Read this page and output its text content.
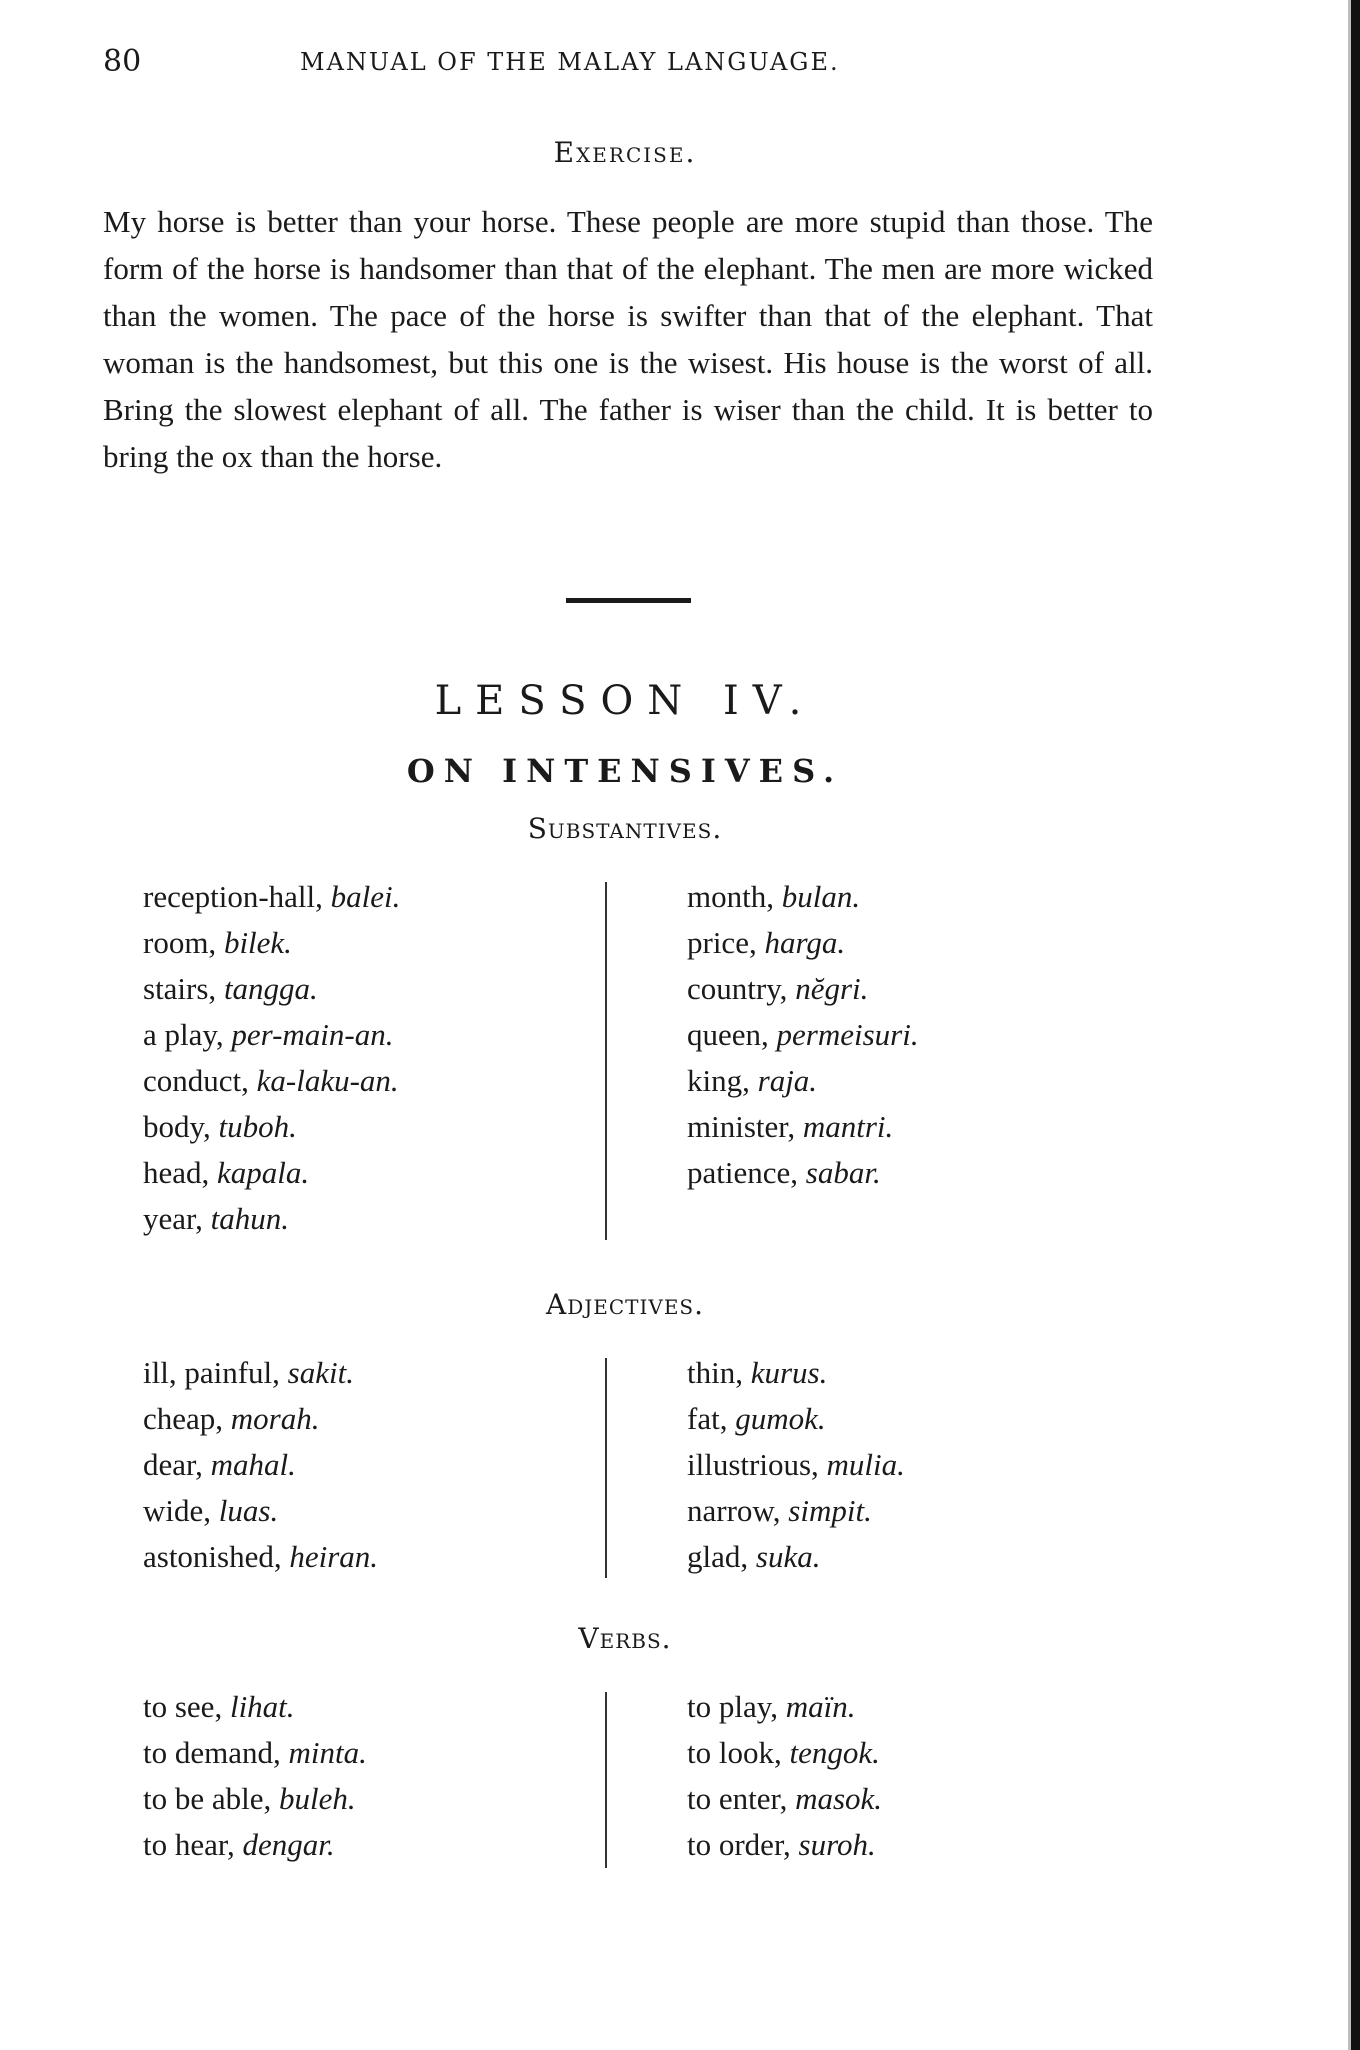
80	MANUAL OF THE MALAY LANGUAGE.
Exercise.
My horse is better than your horse. These people are more stupid than those. The form of the horse is handsomer than that of the elephant. The men are more wicked than the women. The pace of the horse is swifter than that of the elephant. That woman is the handsomest, but this one is the wisest. His house is the worst of all. Bring the slowest elephant of all. The father is wiser than the child. It is better to bring the ox than the horse.
LESSON IV.
ON INTENSIVES.
Substantives.
reception-hall, balei.
room, bilek.
stairs, tangga.
a play, per-main-an.
conduct, ka-laku-an.
body, tuboh.
head, kapala.
year, tahun.
month, bulan.
price, harga.
country, nĕgri.
queen, permeisuri.
king, raja.
minister, mantri.
patience, sabar.
Adjectives.
ill, painful, sakit.
cheap, morah.
dear, mahal.
wide, luas.
astonished, heiran.
thin, kurus.
fat, gumok.
illustrious, mulia.
narrow, simpit.
glad, suka.
Verbs.
to see, lihat.
to demand, minta.
to be able, buleh.
to hear, dengar.
to play, maïn.
to look, tengok.
to enter, masok.
to order, suroh.
